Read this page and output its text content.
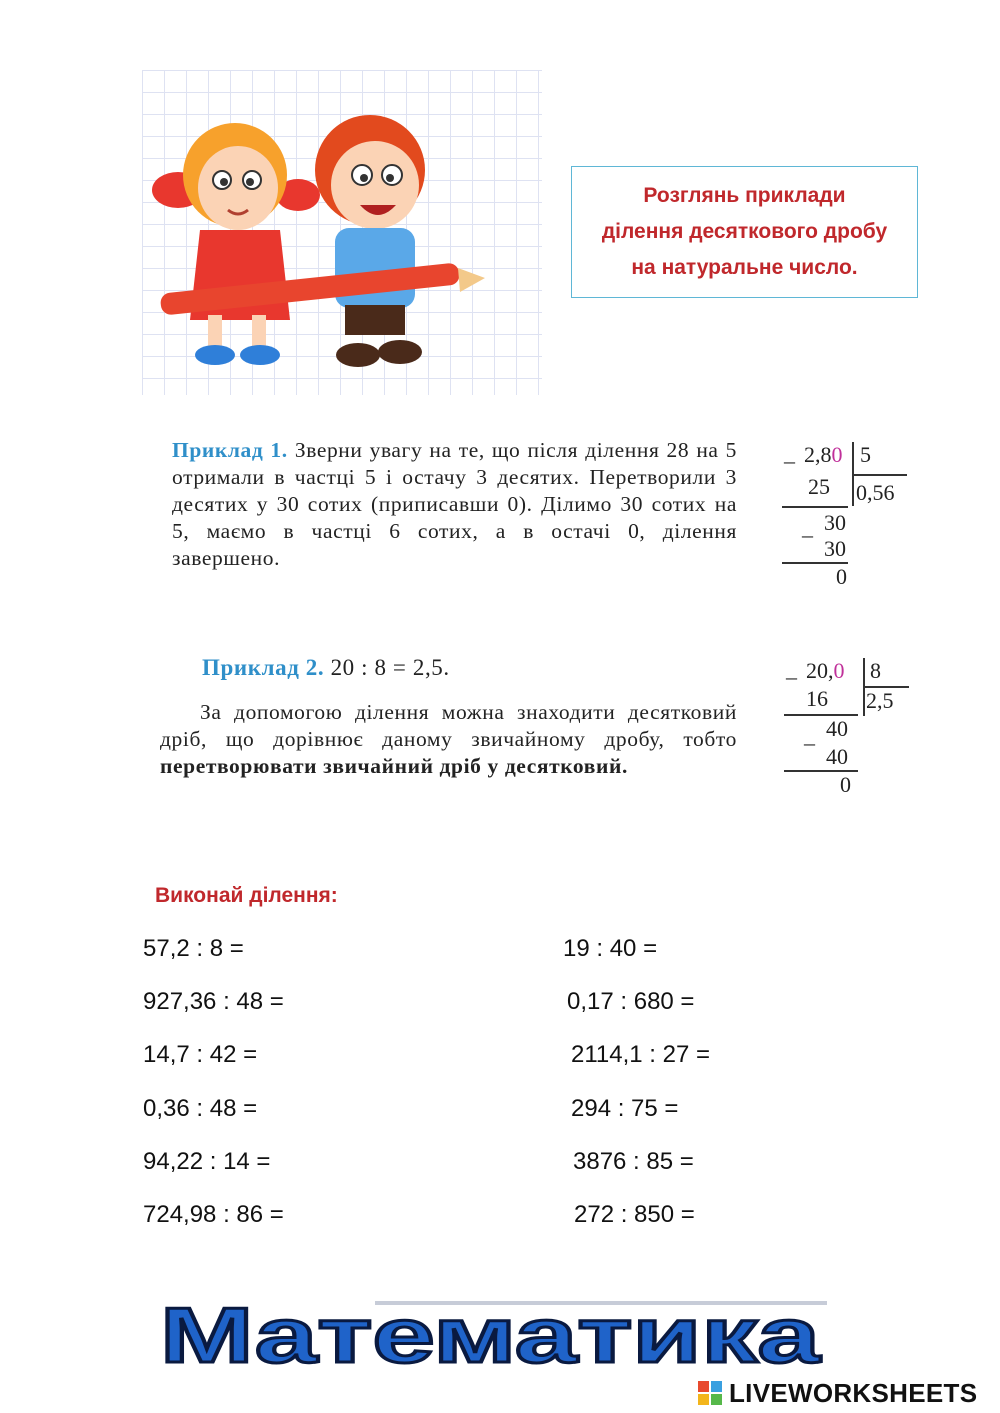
Розглянь приклади
ділення десяткового дробу
на натуральне число.
Приклад 1. Зверни увагу на те, що після ділення 28 на 5 отримали в частці 5 і остачу 3 десятих. Перетворили 3 десятих у 30 сотих (приписавши 0). Ділимо 30 сотих на 5, маємо в частці 6 сотих, а в остачі 0, ділення завершено.
– 2,80 5
25 0,56
– 30
30
0
Приклад 2. 20 : 8 = 2,5.
За допомогою ділення можна знаходити десятковий дріб, що дорівнює даному звичайному дробу, тобто перетворювати звичайний дріб у десятковий.
– 20,0 8
16 2,5
–
40
40
0
Виконай ділення:
57,2 : 8 =
927,36 : 48 =
14,7 : 42 =
0,36 : 48 =
94,22 : 14 =
724,98 : 86 =
19 : 40 =
0,17 : 680 =
2114,1 : 27 =
294 : 75 =
3876 : 85 =
272 : 850 =
Математика
LIVEWORKSHEETS
